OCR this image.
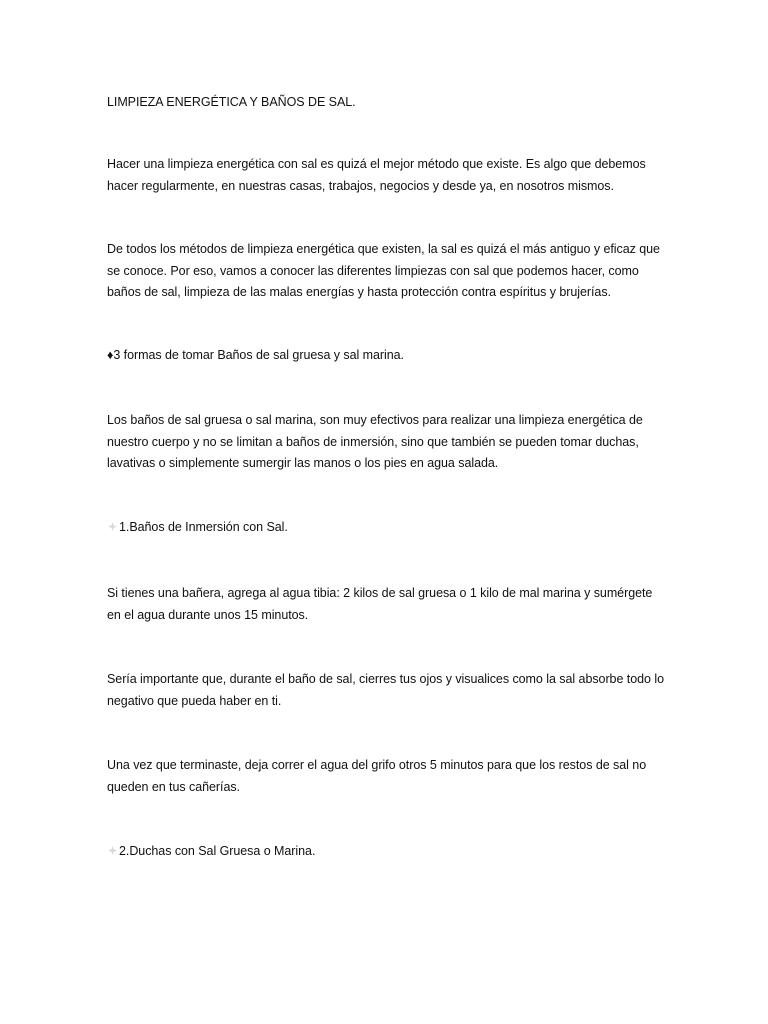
LIMPIEZA ENERGÉTICA Y BAÑOS DE SAL.
Hacer una limpieza energética con sal es quizá el mejor método que existe. Es algo que debemos hacer regularmente, en nuestras casas, trabajos, negocios y desde ya, en nosotros mismos.
De todos los métodos de limpieza energética que existen, la sal es quizá el más antiguo y eficaz que se conoce. Por eso, vamos a conocer las diferentes limpiezas con sal que podemos hacer, como baños de sal, limpieza de las malas energías y hasta protección contra espíritus y brujerías.
♦3 formas de tomar Baños de sal gruesa y sal marina.
Los baños de sal gruesa o sal marina, son muy efectivos para realizar una limpieza energética de nuestro cuerpo y no se limitan a baños de inmersión, sino que también se pueden tomar duchas, lavativas o simplemente sumergir las manos o los pies en agua salada.
1.Baños de Inmersión con Sal.
Si tienes una bañera, agrega al agua tibia: 2 kilos de sal gruesa o 1 kilo de mal marina y sumérgete en el agua durante unos 15 minutos.
Sería importante que, durante el baño de sal, cierres tus ojos y visualices como la sal absorbe todo lo negativo que pueda haber en ti.
Una vez que terminaste, deja correr el agua del grifo otros 5 minutos para que los restos de sal no queden en tus cañerías.
2.Duchas con Sal Gruesa o Marina.
